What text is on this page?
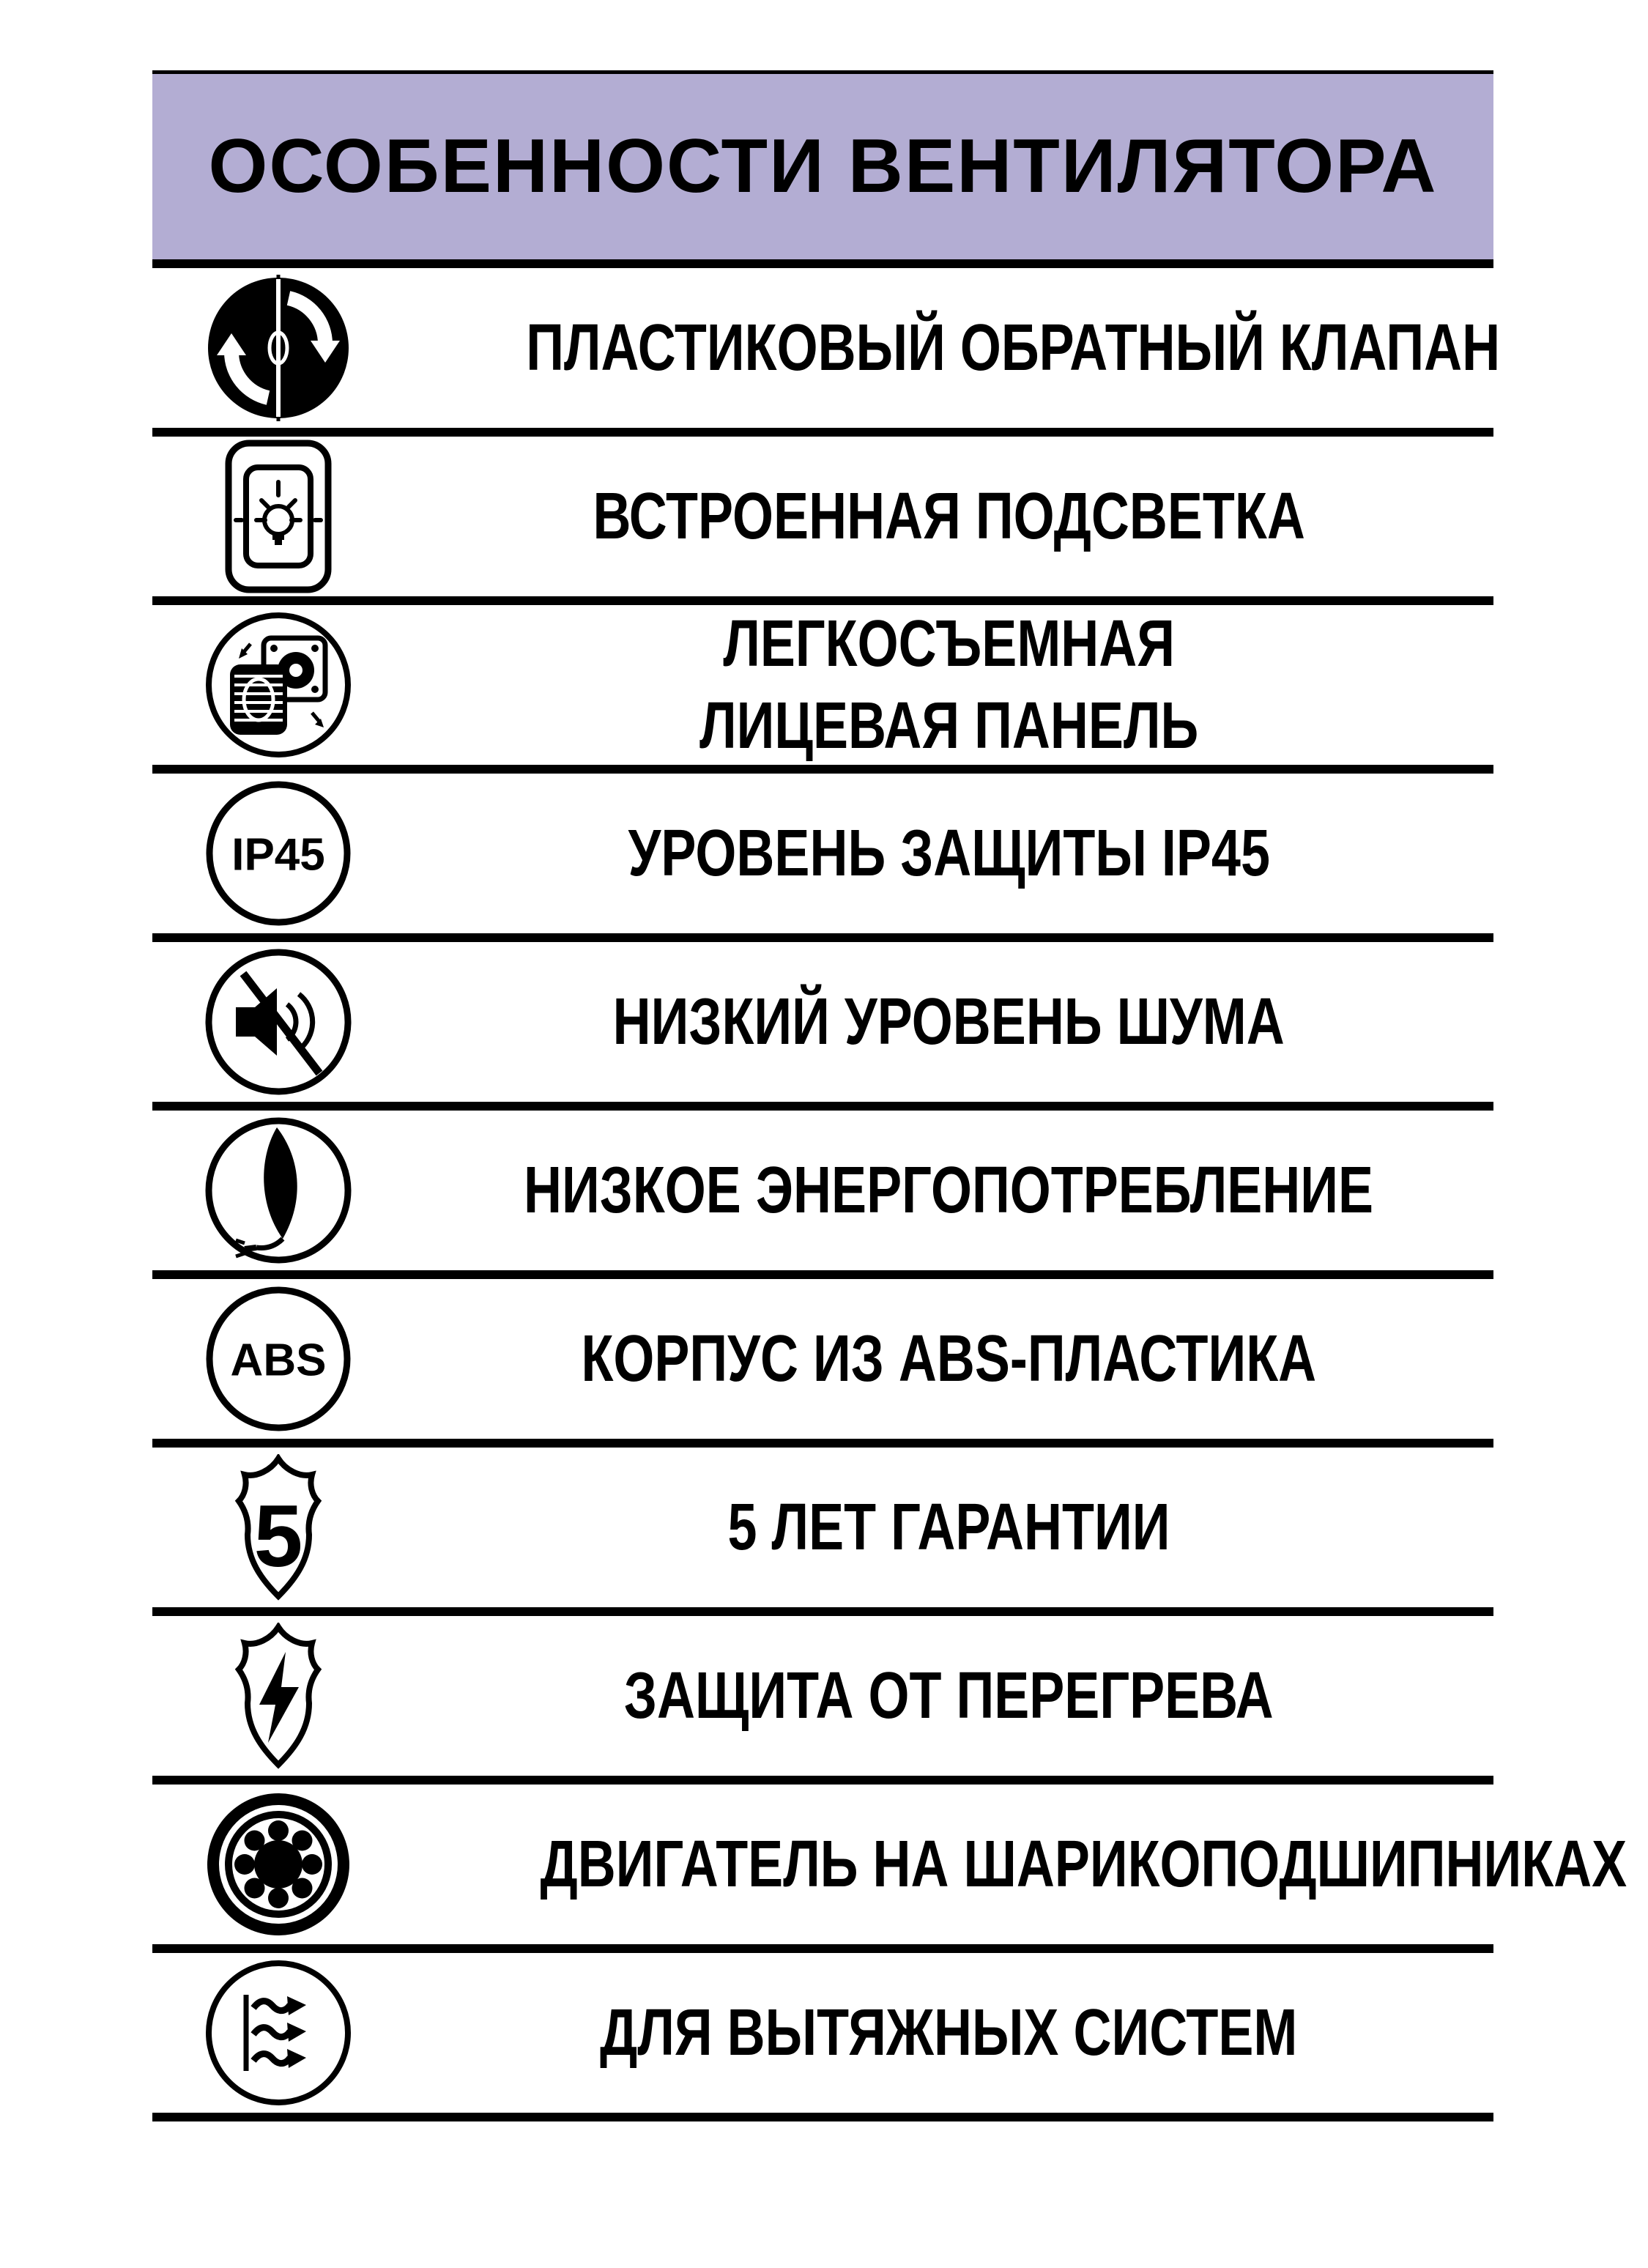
ОСОБЕННОСТИ ВЕНТИЛЯТОРА
ПЛАСТИКОВЫЙ ОБРАТНЫЙ КЛАПАН
ВСТРОЕННАЯ ПОДСВЕТКА
ЛЕГКОСЪЕМНАЯ
ЛИЦЕВАЯ ПАНЕЛЬ
IP45	УРОВЕНЬ ЗАЩИТЫ IP45
НИЗКИЙ УРОВЕНЬ ШУМА
НИЗКОЕ ЭНЕРГОПОТРЕБЛЕНИЕ
ABS	КОРПУС ИЗ ABS-ПЛАСТИКА
5	5 ЛЕТ ГАРАНТИИ
ЗАЩИТА ОТ ПЕРЕГРЕВА
ДВИГАТЕЛЬ НА ШАРИКОПОДШИПНИКАХ
ДЛЯ ВЫТЯЖНЫХ СИСТЕМ
